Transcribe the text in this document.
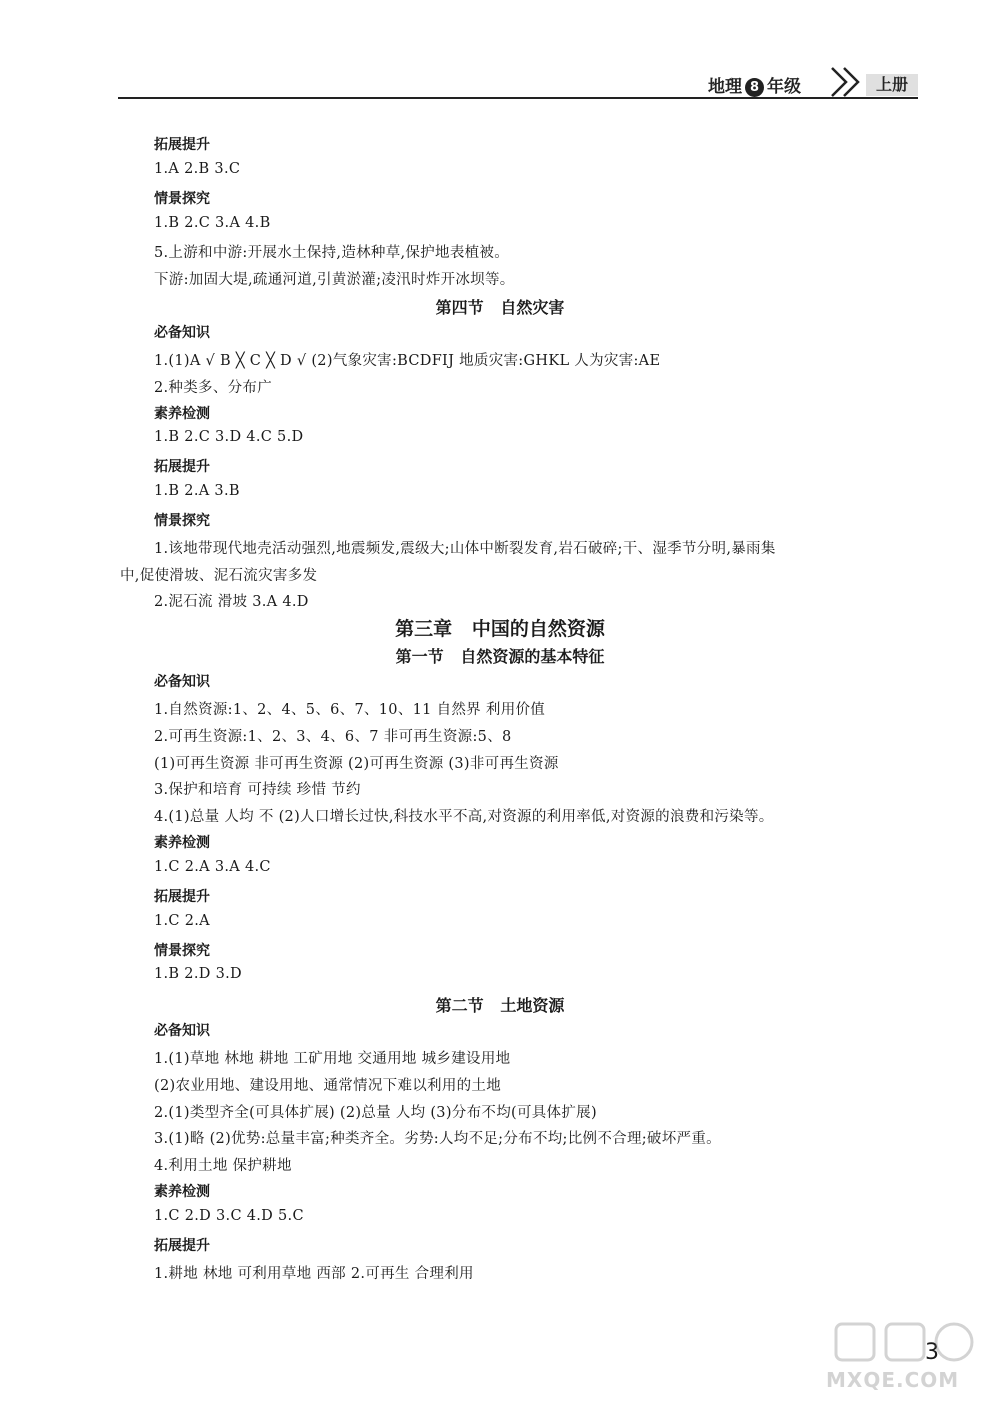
地理 8 年级	上册
拓展提升
1.A 2.B 3.C
情景探究
1.B 2.C 3.A 4.B
5.上游和中游:开展水土保持,造林种草,保护地表植被。
下游:加固大堤,疏通河道,引黄淤灌;凌汛时炸开冰坝等。
第四节   自然灾害
必备知识
1.(1)A √ B ╳ C ╳ D √ (2)气象灾害:BCDFIJ 地质灾害:GHKL 人为灾害:AE
2.种类多、分布广
素养检测
1.B 2.C 3.D 4.C 5.D
拓展提升
1.B 2.A 3.B
情景探究
1.该地带现代地壳活动强烈,地震频发,震级大;山体中断裂发育,岩石破碎;干、湿季节分明,暴雨集
中,促使滑坡、泥石流灾害多发
2.泥石流 滑坡 3.A 4.D
第三章   中国的自然资源
第一节   自然资源的基本特征
必备知识
1.自然资源:1、2、4、5、6、7、10、11 自然界 利用价值
2.可再生资源:1、2、3、4、6、7 非可再生资源:5、8
(1)可再生资源 非可再生资源 (2)可再生资源 (3)非可再生资源
3.保护和培育 可持续 珍惜 节约
4.(1)总量 人均 不 (2)人口增长过快,科技水平不高,对资源的利用率低,对资源的浪费和污染等。
素养检测
1.C 2.A 3.A 4.C
拓展提升
1.C 2.A
情景探究
1.B 2.D 3.D
第二节   土地资源
必备知识
1.(1)草地 林地 耕地 工矿用地 交通用地 城乡建设用地
(2)农业用地、建设用地、通常情况下难以利用的土地
2.(1)类型齐全(可具体扩展) (2)总量 人均 (3)分布不均(可具体扩展)
3.(1)略 (2)优势:总量丰富;种类齐全。劣势:人均不足;分布不均;比例不合理;破坏严重。
4.利用土地 保护耕地
素养检测
1.C 2.D 3.C 4.D 5.C
拓展提升
1.耕地 林地 可利用草地 西部 2.可再生 合理利用
3
MXQE.COM
